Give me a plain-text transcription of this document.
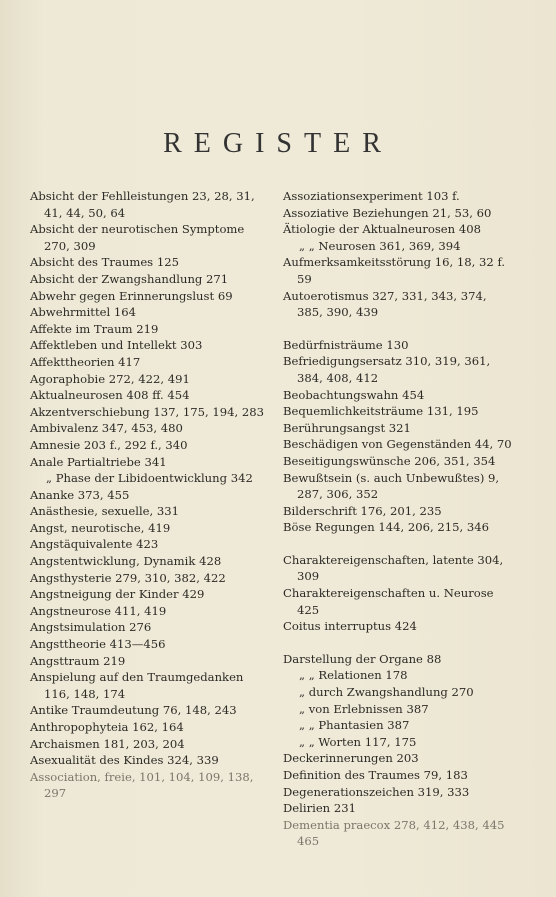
REGISTER
Absicht der Fehlleistungen 23, 28, 31, 41, 44, 50, 64
Absicht der neurotischen Symptome 270, 309
Absicht des Traumes 125
Absicht der Zwangshandlung 271
Abwehr gegen Erinnerungslust 69
Abwehrmittel 164
Affekte im Traum 219
Affektleben und Intellekt 303
Affekttheorien 417
Agoraphobie 272, 422, 491
Aktualneurosen 408 ff. 454
Akzentverschiebung 137, 175, 194, 283
Ambivalenz 347, 453, 480
Amnesie 203 f., 292 f., 340
Anale Partialtriebe 341
„ Phase der Libidoentwicklung 342
Ananke 373, 455
Anästhesie, sexuelle, 331
Angst, neurotische, 419
Angstäquivalente 423
Angstentwicklung, Dynamik 428
Angsthysterie 279, 310, 382, 422
Angstneigung der Kinder 429
Angstneurose 411, 419
Angstsimulation 276
Angsttheorie 413—456
Angsttraum 219
Anspielung auf den Traumgedanken 116, 148, 174
Antike Traumdeutung 76, 148, 243
Anthropophyteia 162, 164
Archaismen 181, 203, 204
Asexualität des Kindes 324, 339
Association, freie, 101, 104, 109, 138, 297
Assoziationsexperiment 103 f.
Assoziative Beziehungen 21, 53, 60
Ätiologie der Aktualneurosen 408
„ „ Neurosen 361, 369, 394
Aufmerksamkeitsstörung 16, 18, 32 f. 59
Autoerotismus 327, 331, 343, 374, 385, 390, 439
Bedürfnisträume 130
Befriedigungsersatz 310, 319, 361, 384, 408, 412
Beobachtungswahn 454
Bequemlichkeitsträume 131, 195
Berührungsangst 321
Beschädigen von Gegenständen 44, 70
Beseitigungswünsche 206, 351, 354
Bewußtsein (s. auch Unbewußtes) 9, 287, 306, 352
Bilderschrift 176, 201, 235
Böse Regungen 144, 206, 215, 346
Charaktereigenschaften, latente 304, 309
Charaktereigenschaften u. Neurose 425
Coitus interruptus 424
Darstellung der Organe 88
„ „ Relationen 178
„ durch Zwangshandlung 270
„ von Erlebnissen 387
„ „ Phantasien 387
„ „ Worten 117, 175
Deckerinnerungen 203
Definition des Traumes 79, 183
Degenerationszeichen 319, 333
Delirien 231
Dementia praecox 278, 412, 438, 445 465
